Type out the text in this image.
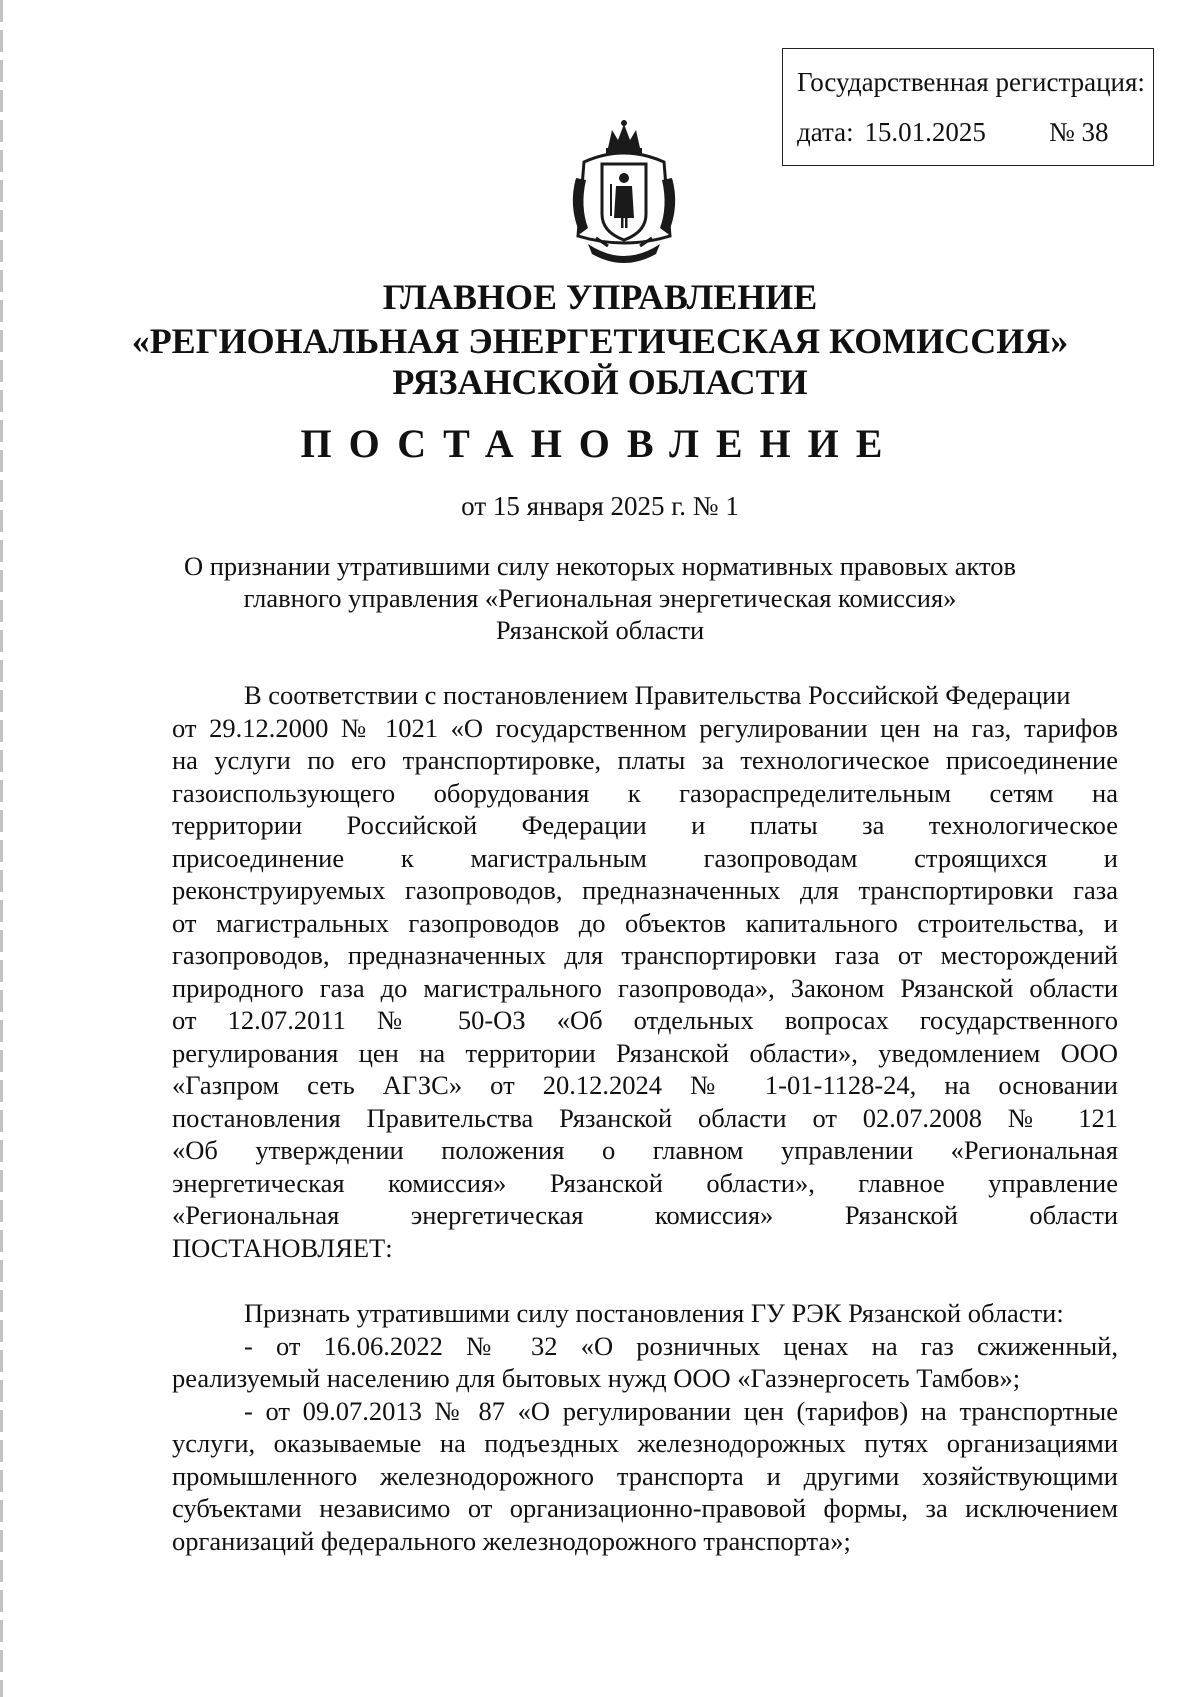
Государственная регистрация:
дата: 15.01.2025 № 38
ГЛАВНОЕ УПРАВЛЕНИЕ
«РЕГИОНАЛЬНАЯ ЭНЕРГЕТИЧЕСКАЯ КОМИССИЯ»
РЯЗАНСКОЙ ОБЛАСТИ
ПОСТАНОВЛЕНИЕ
от 15 января 2025 г. № 1
О признании утратившими силу некоторых нормативных правовых актов
главного управления «Региональная энергетическая комиссия»
Рязанской области
В соответствии с постановлением Правительства Российской Федерации
от 29.12.2000 № 1021 «О государственном регулировании цен на газ, тарифов
на услуги по его транспортировке, платы за технологическое присоединение
газоиспользующего оборудования к газораспределительным сетям на
территории Российской Федерации и платы за технологическое
присоединение к магистральным газопроводам строящихся и
реконструируемых газопроводов, предназначенных для транспортировки газа
от магистральных газопроводов до объектов капитального строительства, и
газопроводов, предназначенных для транспортировки газа от месторождений
природного газа до магистрального газопровода», Законом Рязанской области
от 12.07.2011 № 50-ОЗ «Об отдельных вопросах государственного
регулирования цен на территории Рязанской области», уведомлением ООО
«Газпром сеть АГЗС» от 20.12.2024 № 1-01-1128-24, на основании
постановления Правительства Рязанской области от 02.07.2008 № 121
«Об утверждении положения о главном управлении «Региональная
энергетическая комиссия» Рязанской области», главное управление
«Региональная энергетическая комиссия» Рязанской области
ПОСТАНОВЛЯЕТ:
Признать утратившими силу постановления ГУ РЭК Рязанской области:
- от 16.06.2022 № 32 «О розничных ценах на газ сжиженный,
реализуемый населению для бытовых нужд ООО «Газэнергосеть Тамбов»;
- от 09.07.2013 № 87 «О регулировании цен (тарифов) на транспортные
услуги, оказываемые на подъездных железнодорожных путях организациями
промышленного железнодорожного транспорта и другими хозяйствующими
субъектами независимо от организационно-правовой формы, за исключением
организаций федерального железнодорожного транспорта»;
